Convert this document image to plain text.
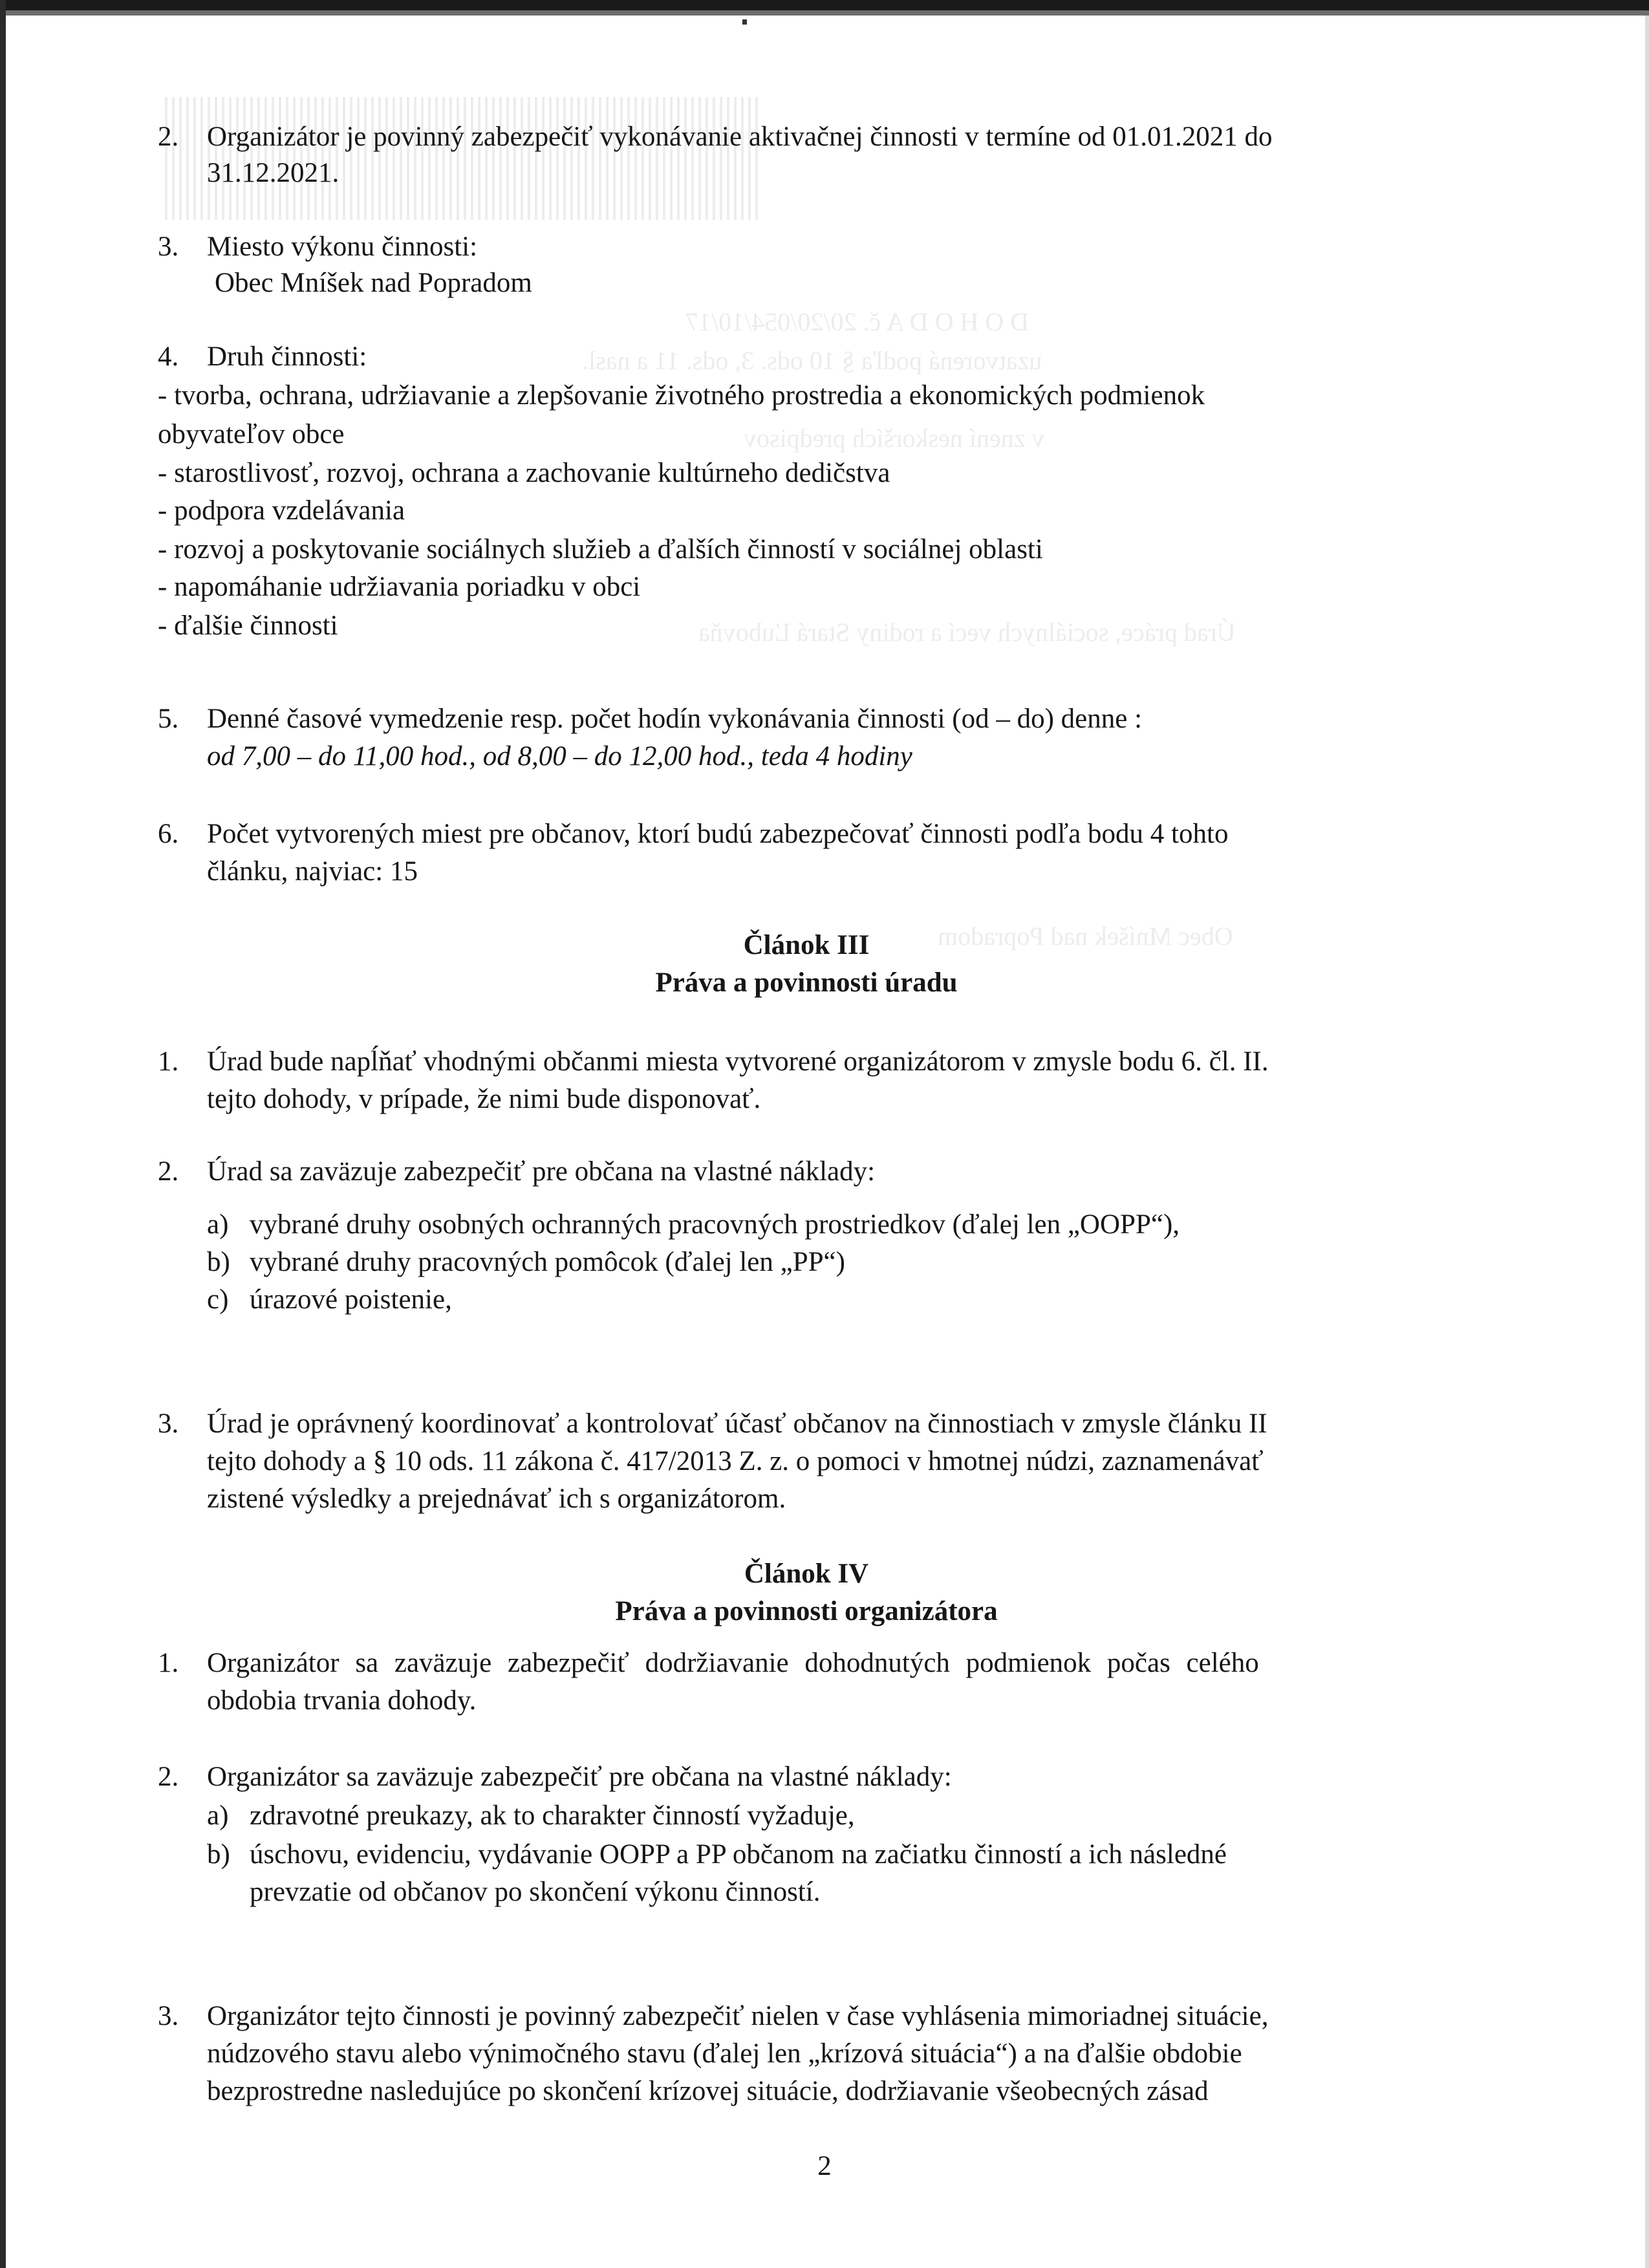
D O H O D A č. 20/20/054/10/17
uzatvorená podľa § 10 ods. 3, ods. 11 a nasl.
v znení neskorších predpisov
Úrad práce, sociálnych vecí a rodiny Stará Ľubovňa
Obec Mníšek nad Popradom
2. Organizátor je povinný zabezpečiť vykonávanie aktivačnej činnosti v termíne od 01.01.2021 do
31.12.2021.
3. Miesto výkonu činnosti:
Obec Mníšek nad Popradom
4. Druh činnosti:
- tvorba, ochrana, udržiavanie a zlepšovanie životného prostredia a ekonomických podmienok
obyvateľov obce
- starostlivosť, rozvoj, ochrana a zachovanie kultúrneho dedičstva
- podpora vzdelávania
- rozvoj a poskytovanie sociálnych služieb a ďalších činností v sociálnej oblasti
- napomáhanie udržiavania poriadku v obci
- ďalšie činnosti
5. Denné časové vymedzenie resp. počet hodín vykonávania činnosti (od – do) denne :
od 7,00 – do 11,00 hod., od 8,00 – do 12,00 hod., teda 4 hodiny
6. Počet vytvorených miest pre občanov, ktorí budú zabezpečovať činnosti podľa bodu 4 tohto
článku, najviac: 15
Článok III
Práva a povinnosti úradu
1. Úrad bude napĺňať vhodnými občanmi miesta vytvorené organizátorom v zmysle bodu 6. čl. II.
tejto dohody, v prípade, že nimi bude disponovať.
2. Úrad sa zaväzuje zabezpečiť pre občana na vlastné náklady:
a) vybrané druhy osobných ochranných pracovných prostriedkov (ďalej len „OOPP“),
b) vybrané druhy pracovných pomôcok (ďalej len „PP“)
c) úrazové poistenie,
3. Úrad je oprávnený koordinovať a kontrolovať účasť občanov na činnostiach v zmysle článku II
tejto dohody a § 10 ods. 11 zákona č. 417/2013 Z. z. o pomoci v hmotnej núdzi, zaznamenávať
zistené výsledky a prejednávať ich s organizátorom.
Článok IV
Práva a povinnosti organizátora
1. Organizátor sa zaväzuje zabezpečiť dodržiavanie dohodnutých podmienok počas celého
obdobia trvania dohody.
2. Organizátor sa zaväzuje zabezpečiť pre občana na vlastné náklady:
a) zdravotné preukazy, ak to charakter činností vyžaduje,
b) úschovu, evidenciu, vydávanie OOPP a PP občanom na začiatku činností a ich následné
prevzatie od občanov po skončení výkonu činností.
3. Organizátor tejto činnosti je povinný zabezpečiť nielen v čase vyhlásenia mimoriadnej situácie,
núdzového stavu alebo výnimočného stavu (ďalej len „krízová situácia“) a na ďalšie obdobie
bezprostredne nasledujúce po skončení krízovej situácie, dodržiavanie všeobecných zásad
2
